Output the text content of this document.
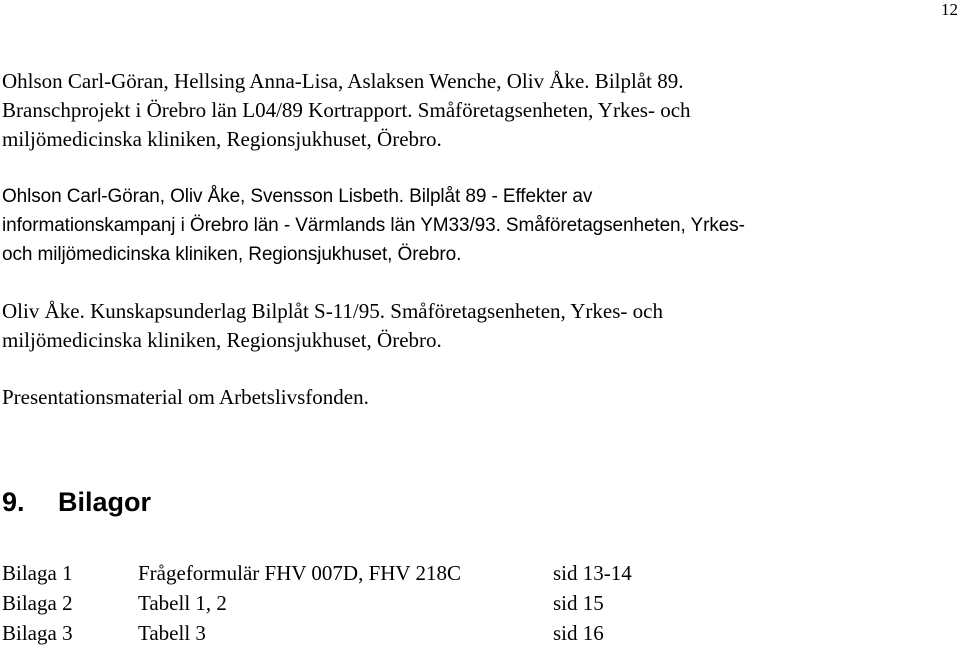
12

Ohlson Carl-Göran, Hellsing Anna-Lisa, Aslaksen Wenche, Oliv Åke. Bilplåt 89.

Branschprojekt i Örebro län L04/89 Kortrapport. Småföretagsenheten, Yrkes- och

miljömedicinska kliniken, Regionsjukhuset, Örebro.

Ohlson Carl-Göran, Oliv Åke, Svensson Lisbeth. Bilplåt 89 - Effekter av

informationskampanj i Örebro län - Värmlands län YM33/93. Småföretagsenheten, Yrkes-

och miljömedicinska kliniken, Regionsjukhuset, Örebro.

Oliv Åke. Kunskapsunderlag Bilplåt S-11/95. Småföretagsenheten, Yrkes- och

miljömedicinska kliniken, Regionsjukhuset, Örebro.

Presentationsmaterial om Arbetslivsfonden.

9. Bilagor
Bilaga 1	Frågeformulär FHV 007D, FHV 218C	sid 13-14
Bilaga 2	Tabell 1, 2	sid 15
Bilaga 3	Tabell 3	sid 16
